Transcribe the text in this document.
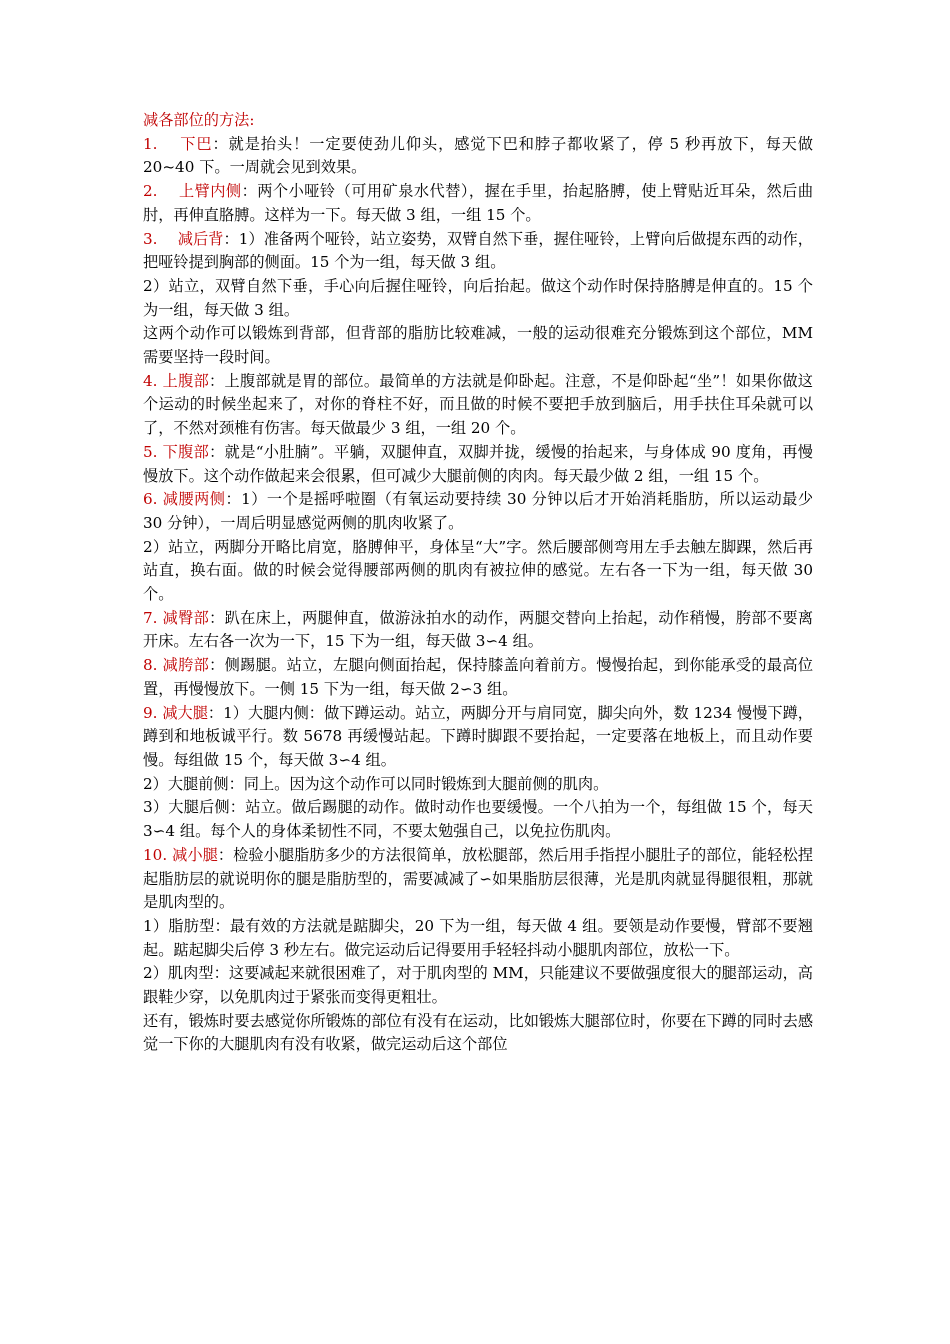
减各部位的方法:

1.　 下巴：就是抬头！一定要使劲儿仰头，感觉下巴和脖子都收紧了，停 5 秒再放下，每天做 20~40 下。一周就会见到效果。

2.　 上臂内侧：两个小哑铃（可用矿泉水代替），握在手里，抬起胳膊，使上臂贴近耳朵，然后曲肘，再伸直胳膊。这样为一下。每天做 3 组，一组 15 个。

3.　 减后背：1）准备两个哑铃，站立姿势，双臂自然下垂，握住哑铃，上臂向后做提东西的动作，把哑铃提到胸部的侧面。15 个为一组，每天做 3 组。

2）站立，双臂自然下垂，手心向后握住哑铃，向后抬起。做这个动作时保持胳膊是伸直的。15 个为一组，每天做 3 组。

这两个动作可以锻炼到背部，但背部的脂肪比较难减，一般的运动很难充分锻炼到这个部位，MM 需要坚持一段时间。

4. 上腹部：上腹部就是胃的部位。最简单的方法就是仰卧起。注意，不是仰卧起“坐”！如果你做这个运动的时候坐起来了，对你的脊柱不好，而且做的时候不要把手放到脑后，用手扶住耳朵就可以了，不然对颈椎有伤害。每天做最少 3 组，一组 20 个。

5. 下腹部：就是“小肚腩”。平躺，双腿伸直，双脚并拢，缓慢的抬起来，与身体成 90 度角，再慢慢放下。这个动作做起来会很累，但可减少大腿前侧的肉肉。每天最少做 2 组，一组 15 个。

6. 减腰两侧：1）一个是摇呼啦圈（有氧运动要持续 30 分钟以后才开始消耗脂肪，所以运动最少 30 分钟），一周后明显感觉两侧的肌肉收紧了。

2）站立，两脚分开略比肩宽，胳膊伸平，身体呈“大”字。然后腰部侧弯用左手去触左脚踝，然后再站直，换右面。做的时候会觉得腰部两侧的肌肉有被拉伸的感觉。左右各一下为一组，每天做 30 个。

7. 减臀部：趴在床上，两腿伸直，做游泳拍水的动作，两腿交替向上抬起，动作稍慢，胯部不要离开床。左右各一次为一下，15 下为一组，每天做 3∽4 组。

8. 减胯部：侧踢腿。站立，左腿向侧面抬起，保持膝盖向着前方。慢慢抬起，到你能承受的最高位置，再慢慢放下。一侧 15 下为一组，每天做 2∽3 组。

9. 减大腿：1）大腿内侧：做下蹲运动。站立，两脚分开与肩同宽，脚尖向外，数 1234 慢慢下蹲，蹲到和地板诚平行。数 5678 再缓慢站起。下蹲时脚跟不要抬起，一定要落在地板上，而且动作要慢。每组做 15 个，每天做 3∽4 组。

2）大腿前侧：同上。因为这个动作可以同时锻炼到大腿前侧的肌肉。

3）大腿后侧：站立。做后踢腿的动作。做时动作也要缓慢。一个八拍为一个，每组做 15 个，每天 3∽4 组。每个人的身体柔韧性不同，不要太勉强自己，以免拉伤肌肉。

10. 减小腿：检验小腿脂肪多少的方法很简单，放松腿部，然后用手指捏小腿肚子的部位，能轻松捏起脂肪层的就说明你的腿是脂肪型的，需要减减了∽如果脂肪层很薄，光是肌肉就显得腿很粗，那就是肌肉型的。

1）脂肪型：最有效的方法就是踮脚尖，20 下为一组，每天做 4 组。要领是动作要慢，臂部不要翘起。踮起脚尖后停 3 秒左右。做完运动后记得要用手轻轻抖动小腿肌肉部位，放松一下。

2）肌肉型：这要减起来就很困难了，对于肌肉型的 MM，只能建议不要做强度很大的腿部运动，高跟鞋少穿，以免肌肉过于紧张而变得更粗壮。

还有，锻炼时要去感觉你所锻炼的部位有没有在运动，比如锻炼大腿部位时，你要在下蹲的同时去感觉一下你的大腿肌肉有没有收紧，做完运动后这个部位
